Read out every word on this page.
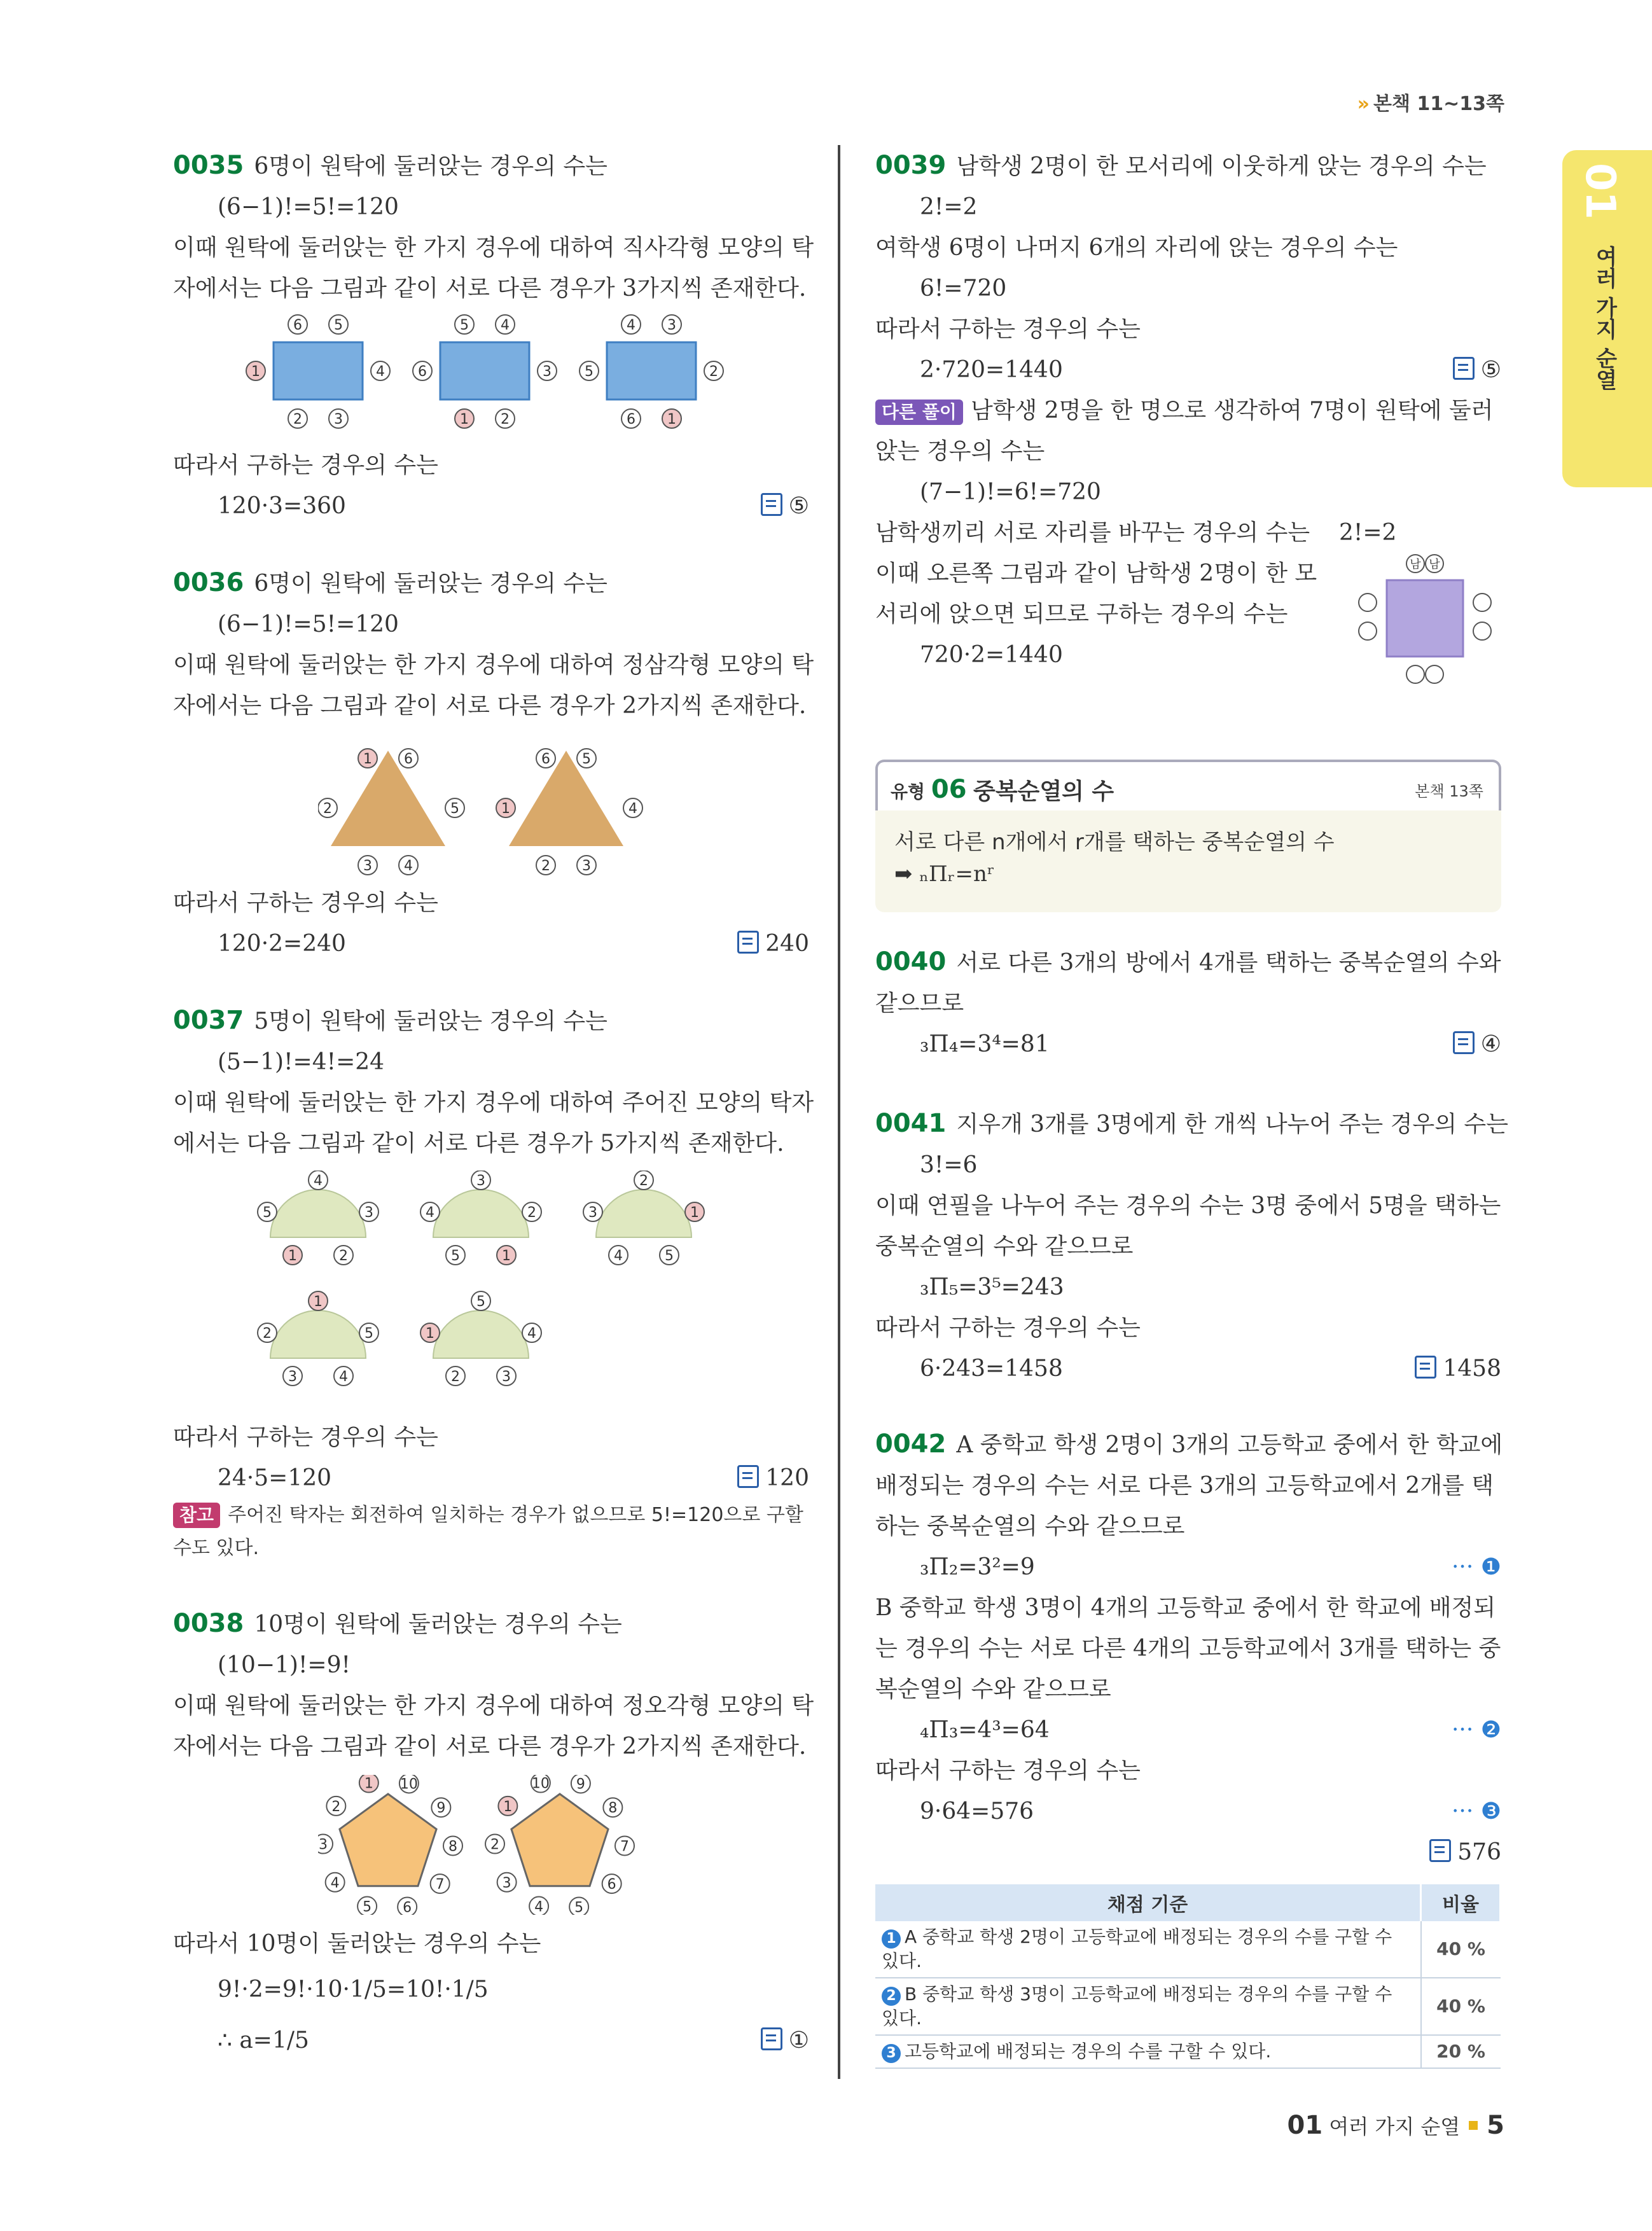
» 본책 11~13쪽
여러 가지 순열
01
0035 6명이 원탁에 둘러앉는 경우의 수는
(6−1)!=5!=120
이때 원탁에 둘러앉는 한 가지 경우에 대하여 직사각형 모양의 탁
자에서는 다음 그림과 같이 서로 다른 경우가 3가지씩 존재한다.
6 5
4
3
2
1
5 4
3
2
1
6
4 3
2
1
6
5
따라서 구하는 경우의 수는
120·3=360	⑤
0036 6명이 원탁에 둘러앉는 경우의 수는
(6−1)!=5!=120
이때 원탁에 둘러앉는 한 가지 경우에 대하여 정삼각형 모양의 탁
자에서는 다음 그림과 같이 서로 다른 경우가 2가지씩 존재한다.
1 6
5
4
3
2
6 5
4
3
2
1
따라서 구하는 경우의 수는
120·2=240	240
0037 5명이 원탁에 둘러앉는 경우의 수는
(5−1)!=4!=24
이때 원탁에 둘러앉는 한 가지 경우에 대하여 주어진 모양의 탁자
에서는 다음 그림과 같이 서로 다른 경우가 5가지씩 존재한다.
4
3
2
1
5
3
2
1
5
4
2
1
5
4
3
1
5
4
3
2
5
4
3
2
1
따라서 구하는 경우의 수는
24·5=120	120
참고 주어진 탁자는 회전하여 일치하는 경우가 없으므로 5!=120으로 구할
수도 있다.
0038 10명이 원탁에 둘러앉는 경우의 수는
(10−1)!=9!
이때 원탁에 둘러앉는 한 가지 경우에 대하여 정오각형 모양의 탁
자에서는 다음 그림과 같이 서로 다른 경우가 2가지씩 존재한다.
1 10
9
8
7
6
5
4
3
2
10 9
8
7
6
5
4
3
2
1
따라서 10명이 둘러앉는 경우의 수는
9!·2=9!·10·1/5=10!·1/5
∴ a=1/5	①
0039 남학생 2명이 한 모서리에 이웃하게 앉는 경우의 수는
2!=2
여학생 6명이 나머지 6개의 자리에 앉는 경우의 수는
6!=720
따라서 구하는 경우의 수는
2·720=1440	⑤
다른 풀이 남학생 2명을 한 명으로 생각하여 7명이 원탁에 둘러
앉는 경우의 수는
(7−1)!=6!=720
남학생끼리 서로 자리를 바꾸는 경우의 수는 2!=2
이때 오른쪽 그림과 같이 남학생 2명이 한 모
서리에 앉으면 되므로 구하는 경우의 수는
720·2=1440
남 남
유형 06 중복순열의 수	본책 13쪽
서로 다른 n개에서 r개를 택하는 중복순열의 수
➡ ₙΠᵣ=nʳ
0040 서로 다른 3개의 방에서 4개를 택하는 중복순열의 수와
같으므로
₃Π₄=3⁴=81	④
0041 지우개 3개를 3명에게 한 개씩 나누어 주는 경우의 수는
3!=6
이때 연필을 나누어 주는 경우의 수는 3명 중에서 5명을 택하는
중복순열의 수와 같으므로
₃Π₅=3⁵=243
따라서 구하는 경우의 수는
6·243=1458	1458
0042 A 중학교 학생 2명이 3개의 고등학교 중에서 한 학교에
배정되는 경우의 수는 서로 다른 3개의 고등학교에서 2개를 택
하는 중복순열의 수와 같으므로
₃Π₂=3²=9	··· ❶
B 중학교 학생 3명이 4개의 고등학교 중에서 한 학교에 배정되
는 경우의 수는 서로 다른 4개의 고등학교에서 3개를 택하는 중
복순열의 수와 같으므로
₄Π₃=4³=64	··· ❷
따라서 구하는 경우의 수는
9·64=576	··· ❸
576
채점 기준	비율
1 A 중학교 학생 2명이 고등학교에 배정되는 경우의 수를 구할 수 있다.	40 %
2 B 중학교 학생 3명이 고등학교에 배정되는 경우의 수를 구할 수 있다.	40 %
3 고등학교에 배정되는 경우의 수를 구할 수 있다.	20 %
01 여러 가지 순열 5
